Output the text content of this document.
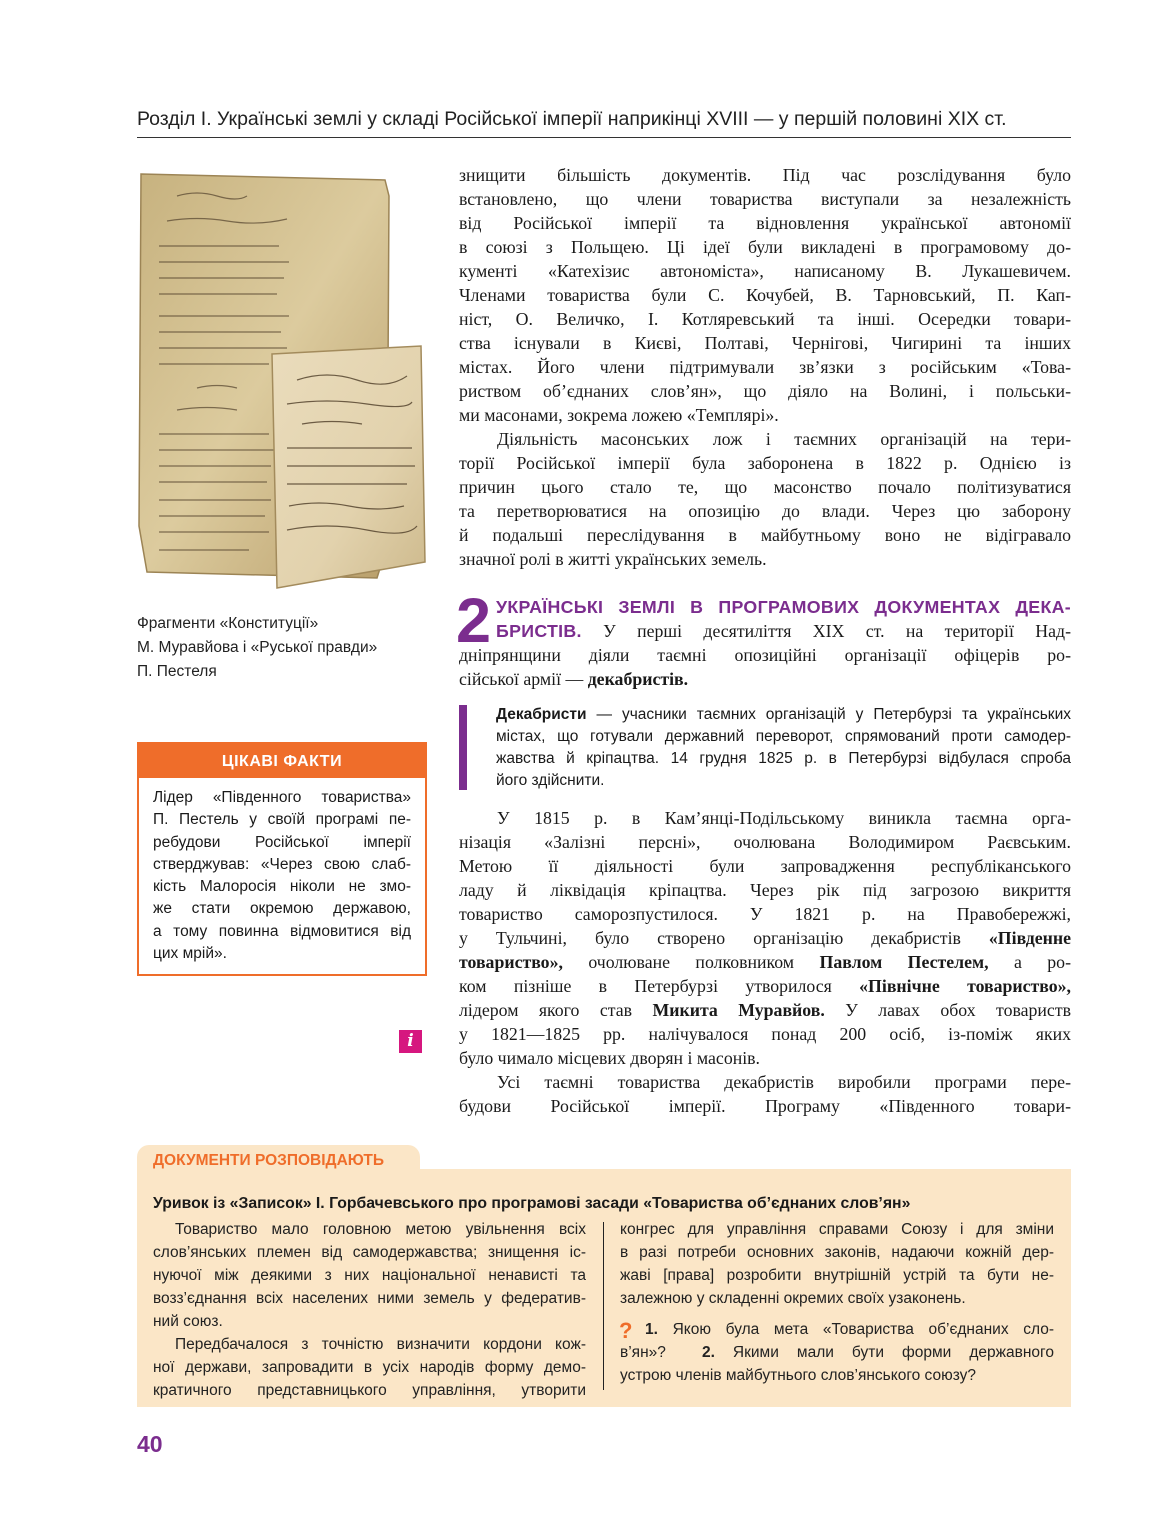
Розділ І. Українські землі у складі Російської імперії наприкінці XVIII — у першій половині XIX ст.
Фрагменти «Конституції»
М. Муравйова і «Руської правди»
П. Пестеля
ЦІКАВІ ФАКТИ
Лідер «Південного товариства»
П. Пестель у своїй програмі пе-
ребудови Російської імперії
стверджував: «Через свою слаб-
кість Малоросія ніколи не змо-
же стати окремою державою,
а тому повинна відмовитися від
цих мрій».
i
знищити більшість документів. Під час розслідування було
встановлено, що члени товариства виступали за незалежність
від Російської імперії та відновлення української автономії
в союзі з Польщею. Ці ідеї були викладені в програмовому до-
кументі «Катехізис автономіста», написаному В. Лукашевичем.
Членами товариства були С. Кочубей, В. Тарновський, П. Кап-
ніст, О. Величко, І. Котляревський та інші. Осередки товари-
ства існували в Києві, Полтаві, Чернігові, Чигирині та інших
містах. Його члени підтримували зв’язки з російським «Това-
риством об’єднаних слов’ян», що діяло на Волині, і польськи-
ми масонами, зокрема ложею «Темплярі».
Діяльність масонських лож і таємних організацій на тери-
торії Російської імперії була заборонена в 1822 р. Однією із
причин цього стало те, що масонство почало політизуватися
та перетворюватися на опозицію до влади. Через цю заборону
й подальші переслідування в майбутньому воно не відігравало
значної ролі в житті українських земель.
2 УКРАЇНСЬКІ ЗЕМЛІ В ПРОГРАМОВИХ ДОКУМЕНТАХ ДЕКА-
БРИСТІВ. У перші десятиліття XIX ст. на території Над-
дніпрянщини діяли таємні опозиційні організації офіцерів ро-
сійської армії — декабристів.
Декабристи — учасники таємних організацій у Петербурзі та українських
містах, що готували державний переворот, спрямований проти самодер-
жавства й кріпацтва. 14 грудня 1825 р. в Петербурзі відбулася спроба
його здійснити.
У 1815 р. в Кам’янці-Подільському виникла таємна орга-
нізація «Залізні персні», очолювана Володимиром Раєвським.
Метою її діяльності були запровадження республіканського
ладу й ліквідація кріпацтва. Через рік під загрозою викриття
товариство саморозпустилося. У 1821 р. на Правобережжі,
у Тульчині, було створено організацію декабристів «Південне
товариство», очолюване полковником Павлом Пестелем, а ро-
ком пізніше в Петербурзі утворилося «Північне товариство»,
лідером якого став Микита Муравйов. У лавах обох товариств
у 1821—1825 рр. налічувалося понад 200 осіб, із-поміж яких
було чимало місцевих дворян і масонів.
Усі таємні товариства декабристів виробили програми пере-
будови Російської імперії. Програму «Південного товари-
ДОКУМЕНТИ РОЗПОВІДАЮТЬ
Уривок із «Записок» І. Горбачевського про програмові засади «Товариства об’єднаних слов’ян»
Товариство мало головною метою увільнення всіх
слов’янських племен від самодержавства; знищення іс-
нуючої між деякими з них національної ненависті та
возз’єднання всіх населених ними земель у федератив-
ний союз.
Передбачалося з точністю визначити кордони кож-
ної держави, запровадити в усіх народів форму демо-
кратичного представницького управління, утворити
конгрес для управління справами Союзу і для зміни
в разі потреби основних законів, надаючи кожній дер-
жаві [права] розробити внутрішній устрій та бути не-
залежною у складенні окремих своїх узаконень.
? 1. Якою була мета «Товариства об’єднаних сло-
в’ян»?  2. Якими мали бути форми державного
устрою членів майбутнього слов’янського союзу?
40
